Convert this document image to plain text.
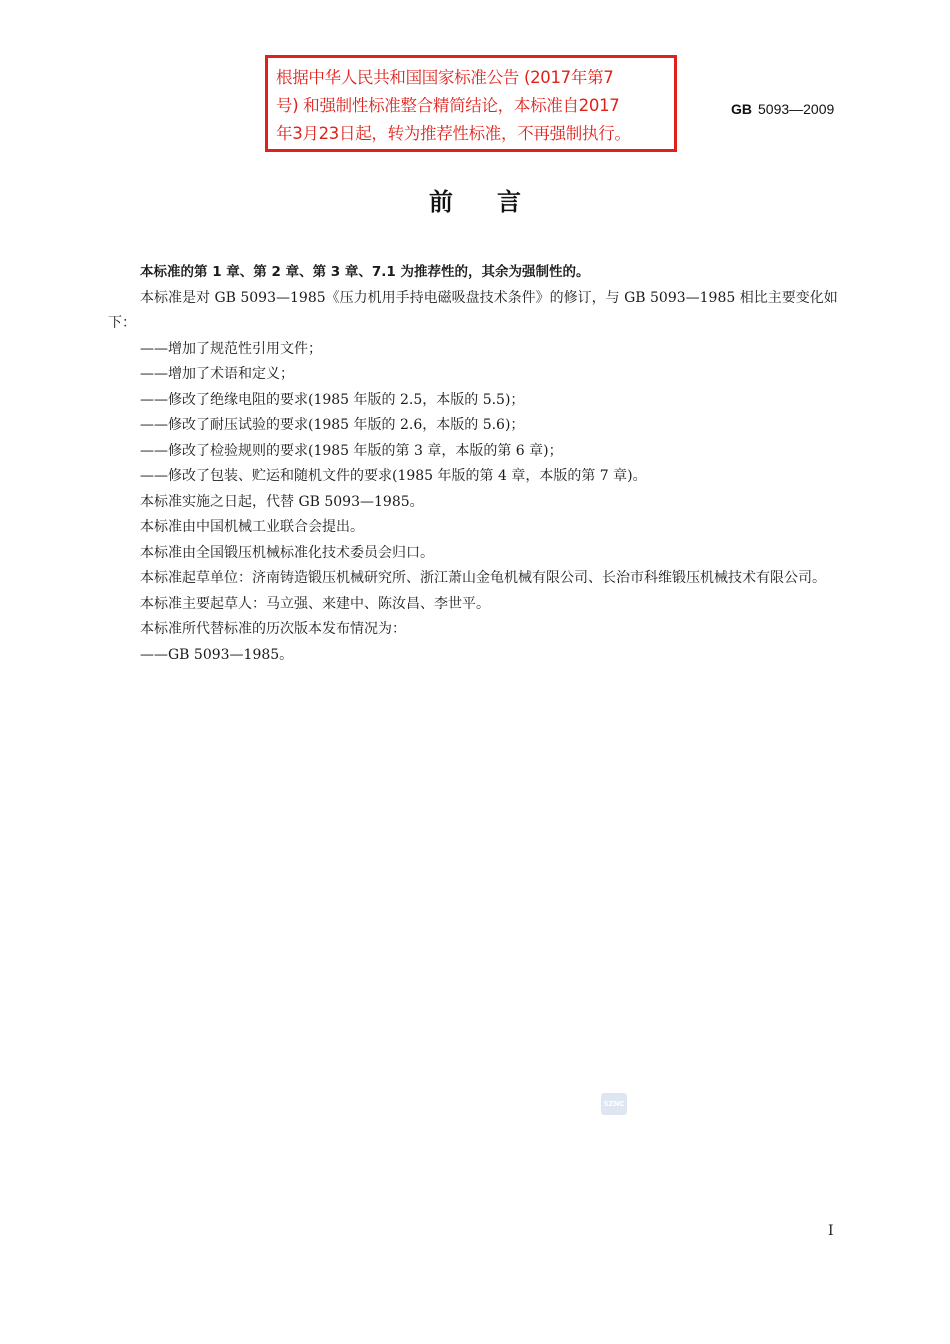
根据中华人民共和国国家标准公告 (2017年第7
号) 和强制性标准整合精简结论，本标准自2017
年3月23日起，转为推荐性标准，不再强制执行。
GB 5093—2009
前言

本标准的第 1 章、第 2 章、第 3 章、7.1 为推荐性的，其余为强制性的。

本标准是对 GB 5093—1985《压力机用手持电磁吸盘技术条件》的修订，与 GB 5093—1985 相比主要变化如下：

——增加了规范性引用文件；

——增加了术语和定义；

——修改了绝缘电阻的要求(1985 年版的 2.5，本版的 5.5)；

——修改了耐压试验的要求(1985 年版的 2.6，本版的 5.6)；

——修改了检验规则的要求(1985 年版的第 3 章，本版的第 6 章)；

——修改了包装、贮运和随机文件的要求(1985 年版的第 4 章，本版的第 7 章)。

本标准实施之日起，代替 GB 5093—1985。

本标准由中国机械工业联合会提出。

本标准由全国锻压机械标准化技术委员会归口。

本标准起草单位：济南铸造锻压机械研究所、浙江萧山金龟机械有限公司、长治市科维锻压机械技术有限公司。

本标准主要起草人：马立强、来建中、陈汝昌、李世平。

本标准所代替标准的历次版本发布情况为：

——GB 5093—1985。

SZNC
I
